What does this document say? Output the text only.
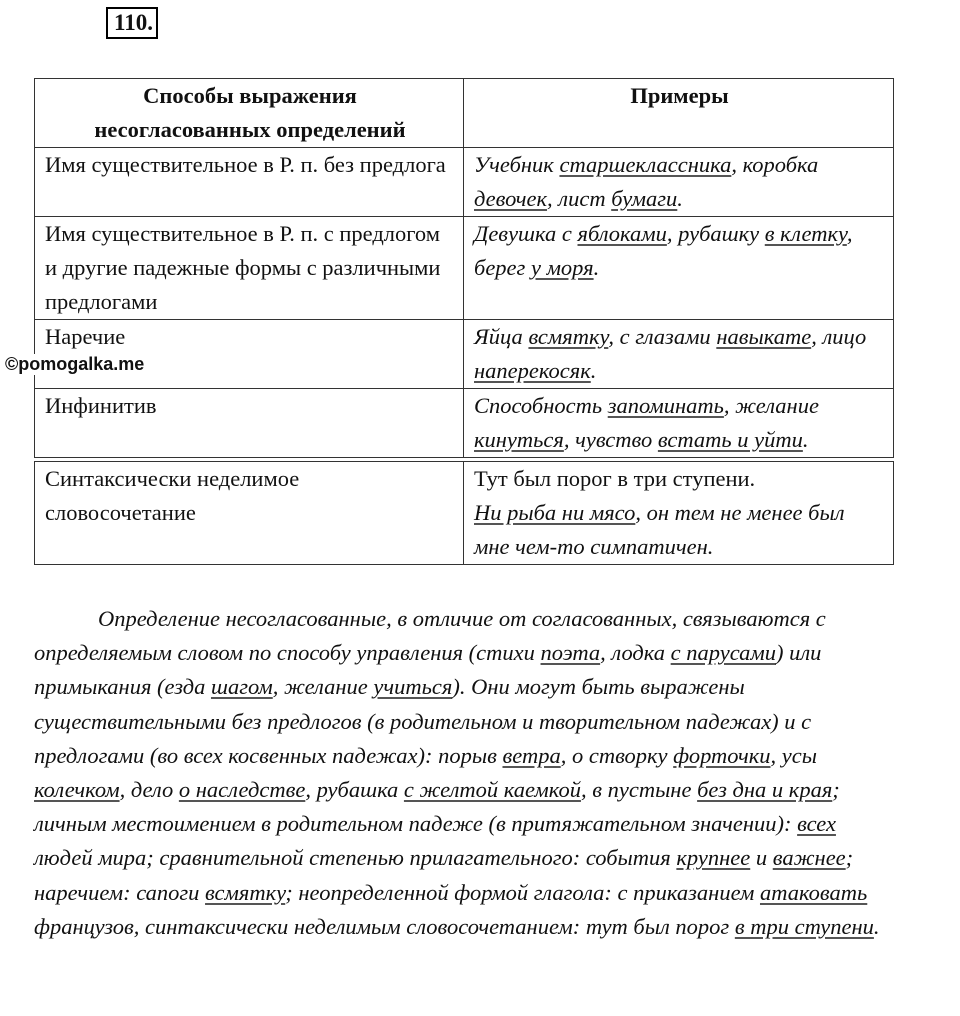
110.
Способы выражения
несогласованных определений	Примеры
Имя существительное в Р. п. без предлога	Учебник старшеклассника, коробка девочек, лист бумаги.
Имя существительное в Р. п. с предлогом и другие падежные формы с различными предлогами	Девушка с яблоками, рубашку в клетку, берег у моря.
Наречие	Яйца всмятку, с глазами навыкате, лицо наперекосяк.
Инфинитив	Способность запоминать, желание кинуться, чувство встать и уйти.
©pomogalka.me
Синтаксически неделимое словосочетание	Тут был порог в три ступени.
Ни рыба ни мясо, он тем не менее был мне чем-то симпатичен.

Определение несогласованные, в отличие от согласованных, связываются с определяемым словом по способу управления (стихи поэта, лодка с парусами) или примыкания (езда шагом, желание учиться). Они могут быть выражены существительными без предлогов (в родительном и творительном падежах) и с предлогами (во всех косвенных падежах): порыв ветра, о створку форточки, усы колечком, дело о наследстве, рубашка с желтой каемкой, в пустыне без дна и края; личным местоимением в родительном падеже (в притяжательном значении): всех людей мира; сравнительной степенью прилагательного: события крупнее и важнее; наречием: сапоги всмятку; неопределенной формой глагола: с приказанием атаковать французов, синтаксически неделимым словосочетанием: тут был порог в три ступени.
